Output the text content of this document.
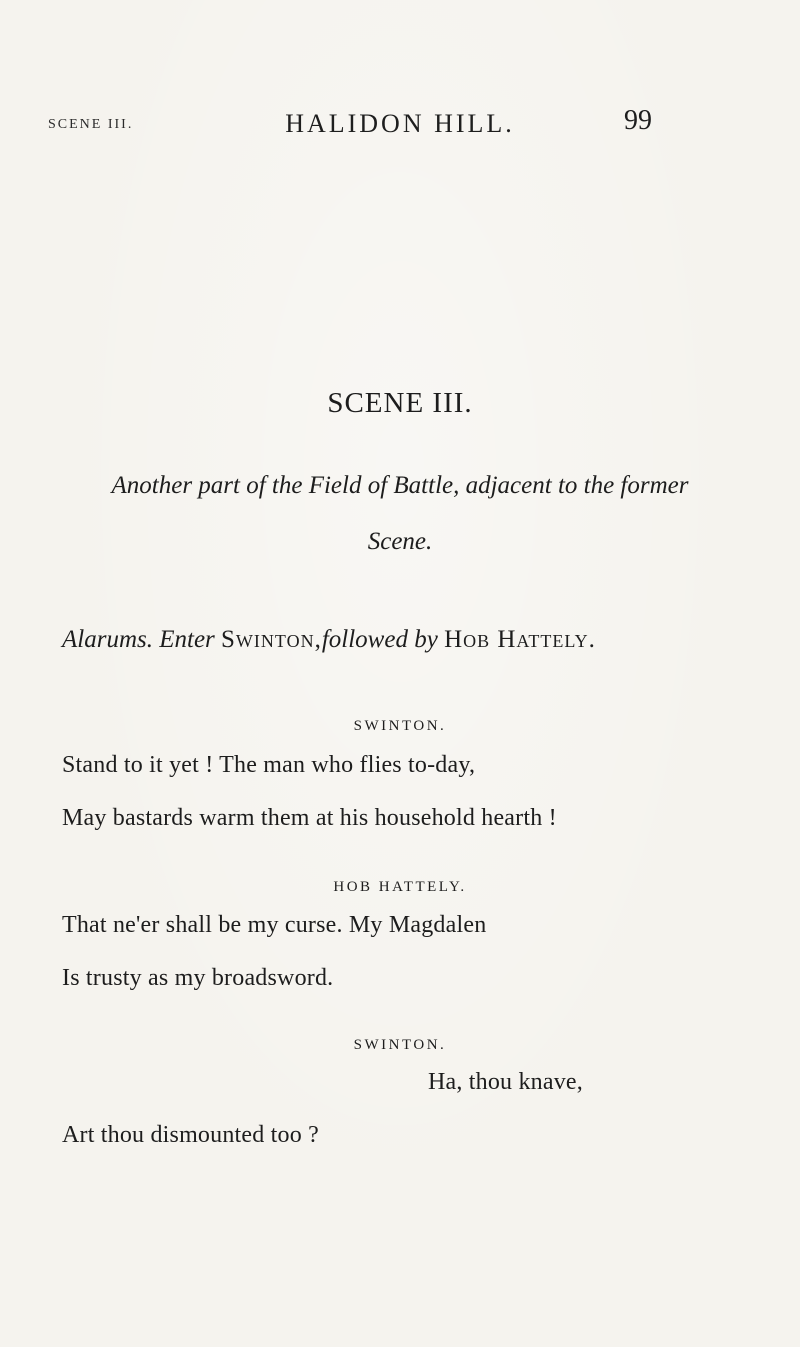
SCENE III.	HALIDON HILL.	99
SCENE III.
Another part of the Field of Battle, adjacent to the former
Scene.
Alarums. Enter Swinton,followed by Hob Hattely.
SWINTON.
Stand to it yet ! The man who flies to-day,
May bastards warm them at his household hearth !
HOB HATTELY.
That ne'er shall be my curse. My Magdalen
Is trusty as my broadsword.
SWINTON.
Ha, thou knave,
Art thou dismounted too ?
